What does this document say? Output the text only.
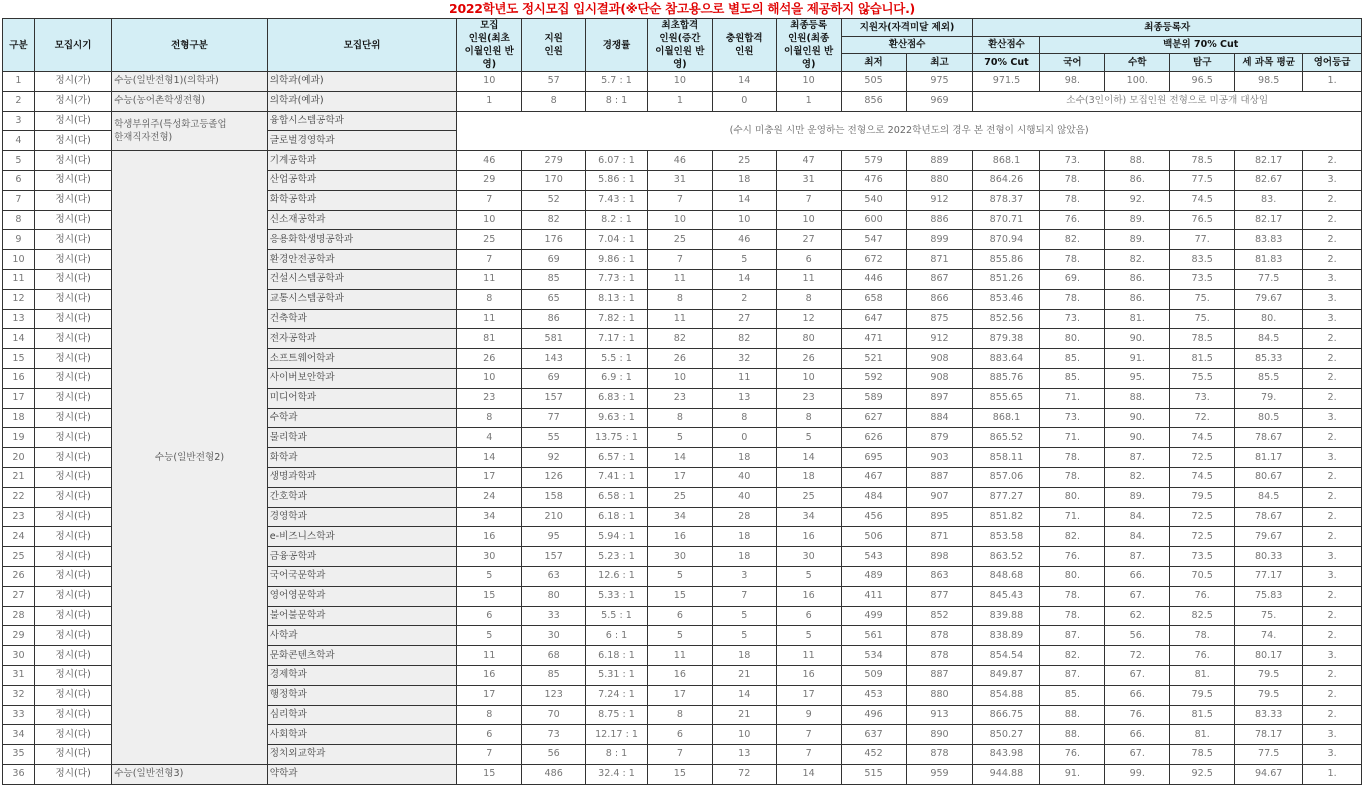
2022학년도 정시모집 입시결과(※단순 참고용으로 별도의 해석을 제공하지 않습니다.)
구분	모집시기	전형구분	모집단위	모집
인원(최초
이월인원 반
영)	지원
인원	경쟁률	최초합격
인원(증간
이월인원 반
영)	충원합격
인원	최종등록
인원(최종
이월인원 반
영)	지원자(자격미달 제외)		최종등록자					
										환산점수		환산점수	백분위 70% Cut				
										최저	최고	70% Cut	국어	수학	탐구	세 과목 평균	영어등급
1	정시(가)	수능(일반전형1)(의학과)	의학과(예과)	10	57	5.7 : 1	10	14	10	505	975	971.5	98.	100.	96.5	98.5	1.
2	정시(가)	수능(농어촌학생전형)	의학과(예과)	1	8	8 : 1	1	0	1	856	969	소수(3인이하) 모집인원 전형으로 미공개 대상임					
3	정시(다)	학생부위주(특성화고등졸업
한재직자전형)	융합시스템공학과	(수시 미충원 시만 운영하는 전형으로 2022학년도의 경우 본 전형이 시행되지 않았음)													
4	정시(다)		글로벌경영학과														
5	정시(다)	수능(일반전형2)	기계공학과	46	279	6.07 : 1	46	25	47	579	889	868.1	73.	88.	78.5	82.17	2.
6	정시(다)		산업공학과	29	170	5.86 : 1	31	18	31	476	880	864.26	78.	86.	77.5	82.67	3.
7	정시(다)		화학공학과	7	52	7.43 : 1	7	14	7	540	912	878.37	78.	92.	74.5	83.	2.
8	정시(다)		신소재공학과	10	82	8.2 : 1	10	10	10	600	886	870.71	76.	89.	76.5	82.17	2.
9	정시(다)		응용화학생명공학과	25	176	7.04 : 1	25	46	27	547	899	870.94	82.	89.	77.	83.83	2.
10	정시(다)		환경안전공학과	7	69	9.86 : 1	7	5	6	672	871	855.86	78.	82.	83.5	81.83	2.
11	정시(다)		건설시스템공학과	11	85	7.73 : 1	11	14	11	446	867	851.26	69.	86.	73.5	77.5	3.
12	정시(다)		교통시스템공학과	8	65	8.13 : 1	8	2	8	658	866	853.46	78.	86.	75.	79.67	3.
13	정시(다)		건축학과	11	86	7.82 : 1	11	27	12	647	875	852.56	73.	81.	75.	80.	3.
14	정시(다)		전자공학과	81	581	7.17 : 1	82	82	80	471	912	879.38	80.	90.	78.5	84.5	2.
15	정시(다)		소프트웨어학과	26	143	5.5 : 1	26	32	26	521	908	883.64	85.	91.	81.5	85.33	2.
16	정시(다)		사이버보안학과	10	69	6.9 : 1	10	11	10	592	908	885.76	85.	95.	75.5	85.5	2.
17	정시(다)		미디어학과	23	157	6.83 : 1	23	13	23	589	897	855.65	71.	88.	73.	79.	2.
18	정시(다)		수학과	8	77	9.63 : 1	8	8	8	627	884	868.1	73.	90.	72.	80.5	3.
19	정시(다)		물리학과	4	55	13.75 : 1	5	0	5	626	879	865.52	71.	90.	74.5	78.67	2.
20	정시(다)		화학과	14	92	6.57 : 1	14	18	14	695	903	858.11	78.	87.	72.5	81.17	3.
21	정시(다)		생명과학과	17	126	7.41 : 1	17	40	18	467	887	857.06	78.	82.	74.5	80.67	2.
22	정시(다)		간호학과	24	158	6.58 : 1	25	40	25	484	907	877.27	80.	89.	79.5	84.5	2.
23	정시(다)		경영학과	34	210	6.18 : 1	34	28	34	456	895	851.82	71.	84.	72.5	78.67	2.
24	정시(다)		e-비즈니스학과	16	95	5.94 : 1	16	18	16	506	871	853.58	82.	84.	72.5	79.67	2.
25	정시(다)		금융공학과	30	157	5.23 : 1	30	18	30	543	898	863.52	76.	87.	73.5	80.33	3.
26	정시(다)		국어국문학과	5	63	12.6 : 1	5	3	5	489	863	848.68	80.	66.	70.5	77.17	3.
27	정시(다)		영어영문학과	15	80	5.33 : 1	15	7	16	411	877	845.43	78.	67.	76.	75.83	2.
28	정시(다)		불어불문학과	6	33	5.5 : 1	6	5	6	499	852	839.88	78.	62.	82.5	75.	2.
29	정시(다)		사학과	5	30	6 : 1	5	5	5	561	878	838.89	87.	56.	78.	74.	2.
30	정시(다)		문화콘텐츠학과	11	68	6.18 : 1	11	18	11	534	878	854.54	82.	72.	76.	80.17	3.
31	정시(다)		경제학과	16	85	5.31 : 1	16	21	16	509	887	849.87	87.	67.	81.	79.5	2.
32	정시(다)		행정학과	17	123	7.24 : 1	17	14	17	453	880	854.88	85.	66.	79.5	79.5	2.
33	정시(다)		심리학과	8	70	8.75 : 1	8	21	9	496	913	866.75	88.	76.	81.5	83.33	2.
34	정시(다)		사회학과	6	73	12.17 : 1	6	10	7	637	890	850.27	88.	66.	81.	78.17	3.
35	정시(다)		정치외교학과	7	56	8 : 1	7	13	7	452	878	843.98	76.	67.	78.5	77.5	3.
36	정시(다)	수능(일반전형3)	약학과	15	486	32.4 : 1	15	72	14	515	959	944.88	91.	99.	92.5	94.67	1.
